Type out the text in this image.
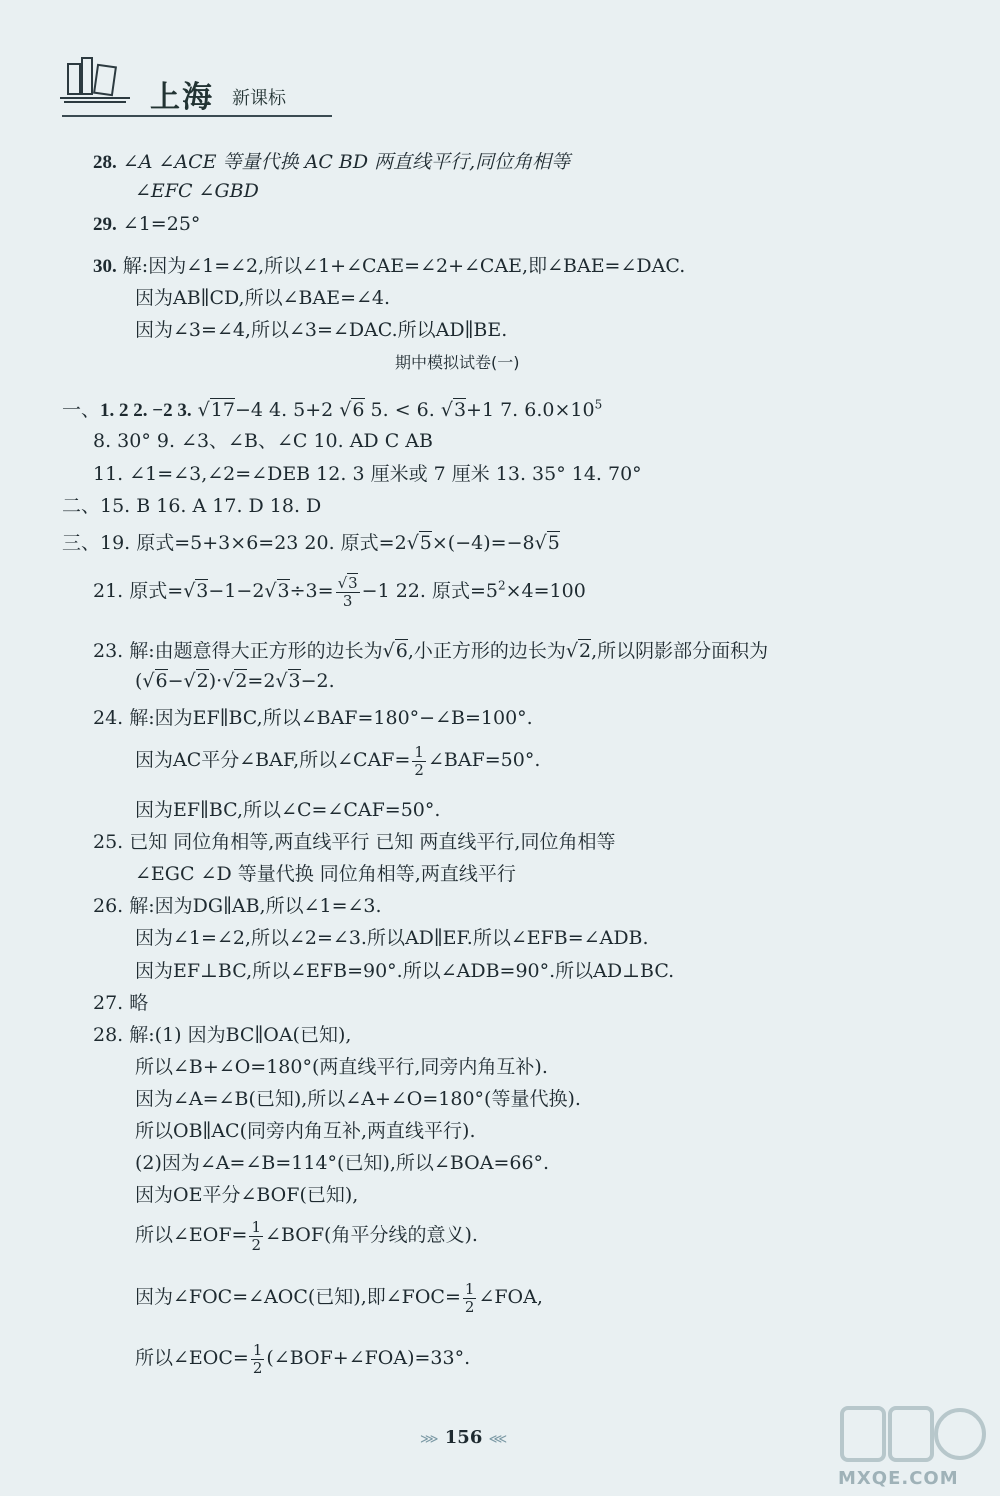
上海 新课标
28. ∠A ∠ACE 等量代换 AC BD 两直线平行,同位角相等
∠EFC ∠GBD
29. ∠1=25°
30. 解:因为∠1=∠2,所以∠1+∠CAE=∠2+∠CAE,即∠BAE=∠DAC.
因为AB∥CD,所以∠BAE=∠4.
因为∠3=∠4,所以∠3=∠DAC.所以AD∥BE.
期中模拟试卷(一)
一、1. 2 2. −2 3. √17−4 4. 5+2 √6 5. < 6. √3+1 7. $6.0\times 10^5$
8. 30° 9. ∠3、∠B、∠C 10. AD C AB
11. ∠1=∠3,∠2=∠DEB 12. 3 厘米或 7 厘米 13. 35° 14. 70°
二、15. B 16. A 17. D 18. D
三、19. 原式=5+3×6=23 20. 原式=2√5×(−4)=−8√5
21. 原式$=√3-1-2√3\div 3= \frac{√3}{3} -1$ 22. 原式$=5^2\times 4=100$
23. 解:由题意得大正方形的边长为√6,小正方形的边长为√2,所以阴影部分面积为
(√6−√2)·√2=2√3−2.
24. 解:因为EF∥BC,所以∠BAF=180°−∠B=100°.
因为AC平分∠BAF,所以∠CAF= $\frac{1}{2}$ ∠BAF=50°.
因为EF∥BC,所以∠C=∠CAF=50°.
25. 已知 同位角相等,两直线平行 已知 两直线平行,同位角相等
∠EGC ∠D 等量代换 同位角相等,两直线平行
26. 解:因为DG∥AB,所以∠1=∠3.
因为∠1=∠2,所以∠2=∠3.所以AD∥EF.所以∠EFB=∠ADB.
因为EF⊥BC,所以∠EFB=90°.所以∠ADB=90°.所以AD⊥BC.
27. 略
28. 解:(1) 因为BC∥OA(已知),
所以∠B+∠O=180°(两直线平行,同旁内角互补).
因为∠A=∠B(已知),所以∠A+∠O=180°(等量代换).
所以OB∥AC(同旁内角互补,两直线平行).
(2)因为∠A=∠B=114°(已知),所以∠BOA=66°.
因为OE平分∠BOF(已知),
所以∠EOF= $\frac{1}{2}$ ∠BOF(角平分线的意义).
因为∠FOC=∠AOC(已知),即∠FOC= $\frac{1}{2}$ ∠FOA,
所以∠EOC= $\frac{1}{2}$ (∠BOF+∠FOA)=33°.
⋙ 156 ⋘
MXQE.COM
